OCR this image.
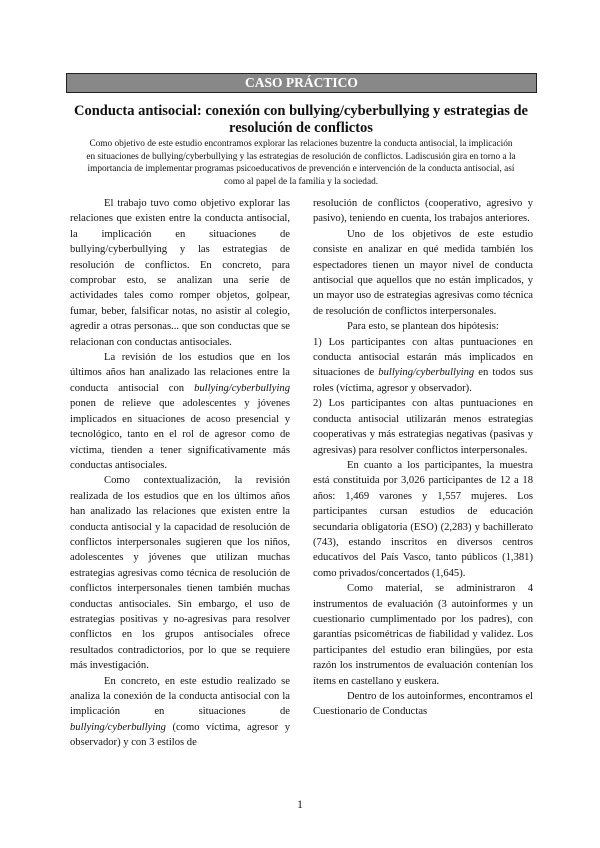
CASO PRÁCTICO
Conducta antisocial: conexión con bullying/cyberbullying y estrategias de resolución de conflictos

Como objetivo de este estudio encontramos explorar las relaciones buzentre la conducta antisocial, la implicación en situaciones de bullying/cyberbullying y las estrategias de resolución de conflictos. Ladiscusión gira en torno a la importancia de implementar programas psicoeducativos de prevención e intervención de la conducta antisocial, así como al papel de la familia y la sociedad.

El trabajo tuvo como objetivo explorar las relaciones que existen entre la conducta antisocial, la implicación en situaciones de bullying/cyberbullying y las estrategias de resolución de conflictos. En concreto, para comprobar esto, se analizan una serie de actividades tales como romper objetos, golpear, fumar, beber, falsificar notas, no asistir al colegio, agredir a otras personas... que son conductas que se relacionan con conductas antisociales.

La revisión de los estudios que en los últimos años han analizado las relaciones entre la conducta antisocial con bullying/cyberbullying ponen de relieve que adolescentes y jóvenes implicados en situaciones de acoso presencial y tecnológico, tanto en el rol de agresor como de víctima, tienden a tener significativamente más conductas antisociales.

Como contextualización, la revisión realizada de los estudios que en los últimos años han analizado las relaciones que existen entre la conducta antisocial y la capacidad de resolución de conflictos interpersonales sugieren que los niños, adolescentes y jóvenes que utilizan muchas estrategias agresivas como técnica de resolución de conflictos interpersonales tienen también muchas conductas antisociales. Sin embargo, el uso de estrategias positivas y no-agresivas para resolver conflictos en los grupos antisociales ofrece resultados contradictorios, por lo que se requiere más investigación.

En concreto, en este estudio realizado se analiza la conexión de la conducta antisocial con la implicación en situaciones de bullying/cyberbullying (como víctima, agresor y observador) y con 3 estilos de

resolución de conflictos (cooperativo, agresivo y pasivo), teniendo en cuenta, los trabajos anteriores.

Uno de los objetivos de este estudio consiste en analizar en qué medida también los espectadores tienen un mayor nivel de conducta antisocial que aquellos que no están implicados, y un mayor uso de estrategias agresivas como técnica de resolución de conflictos interpersonales.

Para esto, se plantean dos hipótesis:

1) Los participantes con altas puntuaciones en conducta antisocial estarán más implicados en situaciones de bullying/cyberbullying en todos sus roles (víctima, agresor y observador).

2) Los participantes con altas puntuaciones en conducta antisocial utilizarán menos estrategias cooperativas y más estrategias negativas (pasivas y agresivas) para resolver conflictos interpersonales.

En cuanto a los participantes, la muestra está constituida por 3,026 participantes de 12 a 18 años: 1,469 varones y 1,557 mujeres. Los participantes cursan estudios de educación secundaria obligatoria (ESO) (2,283) y bachillerato (743), estando inscritos en diversos centros educativos del País Vasco, tanto públicos (1,381) como privados/concertados (1,645).

Como material, se administraron 4 instrumentos de evaluación (3 autoinformes y un cuestionario cumplimentado por los padres), con garantías psicométricas de fiabilidad y validez. Los participantes del estudio eran bilingües, por esta razón los instrumentos de evaluación contenían los ítems en castellano y euskera.

Dentro de los autoinformes, encontramos el Cuestionario de Conductas

1
